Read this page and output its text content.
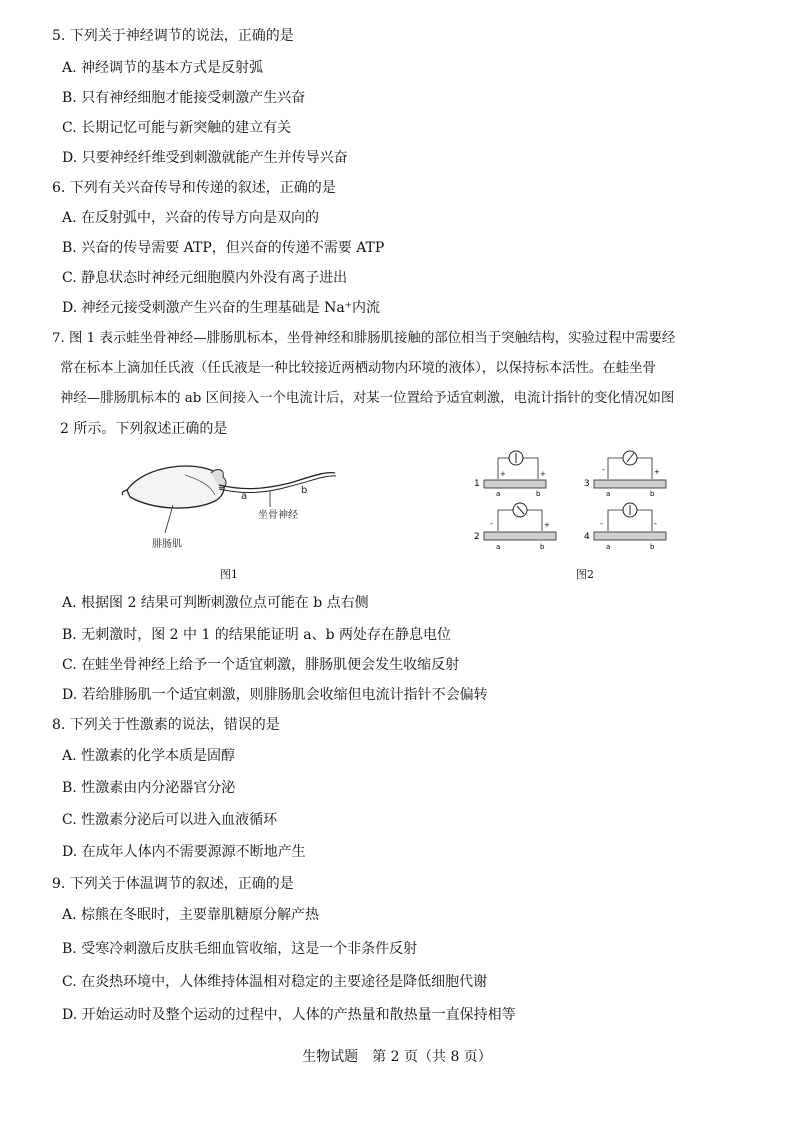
5. 下列关于神经调节的说法，正确的是
A. 神经调节的基本方式是反射弧
B. 只有神经细胞才能接受刺激产生兴奋
C. 长期记忆可能与新突触的建立有关
D. 只要神经纤维受到刺激就能产生并传导兴奋
6. 下列有关兴奋传导和传递的叙述，正确的是
A. 在反射弧中，兴奋的传导方向是双向的
B. 兴奋的传导需要 ATP，但兴奋的传递不需要 ATP
C. 静息状态时神经元细胞膜内外没有离子进出
D. 神经元接受刺激产生兴奋的生理基础是 Na⁺内流
7. 图 1 表示蛙坐骨神经—腓肠肌标本，坐骨神经和腓肠肌接触的部位相当于突触结构，实验过程中需要经
常在标本上滴加任氏液（任氏液是一种比较接近两栖动物内环境的液体），以保持标本活性。在蛙坐骨
神经—腓肠肌标本的 ab 区间接入一个电流计后，对某一位置给予适宜刺激，电流计指针的变化情况如图
2 所示。下列叙述正确的是
a
b
坐骨神经
腓肠肌
图1
1
+	+
a	b
3
-	+
a	b
2
-	+
a	b
4
-	-
a	b
图2
A. 根据图 2 结果可判断刺激位点可能在 b 点右侧
B. 无刺激时，图 2 中 1 的结果能证明 a、b 两处存在静息电位
C. 在蛙坐骨神经上给予一个适宜刺激，腓肠肌便会发生收缩反射
D. 若给腓肠肌一个适宜刺激，则腓肠肌会收缩但电流计指针不会偏转
8. 下列关于性激素的说法，错误的是
A. 性激素的化学本质是固醇
B. 性激素由内分泌器官分泌
C. 性激素分泌后可以进入血液循环
D. 在成年人体内不需要源源不断地产生
9. 下列关于体温调节的叙述，正确的是
A. 棕熊在冬眠时，主要靠肌糖原分解产热
B. 受寒冷刺激后皮肤毛细血管收缩，这是一个非条件反射
C. 在炎热环境中，人体维持体温相对稳定的主要途径是降低细胞代谢
D. 开始运动时及整个运动的过程中，人体的产热量和散热量一直保持相等
生物试题　第 2 页（共 8 页）
